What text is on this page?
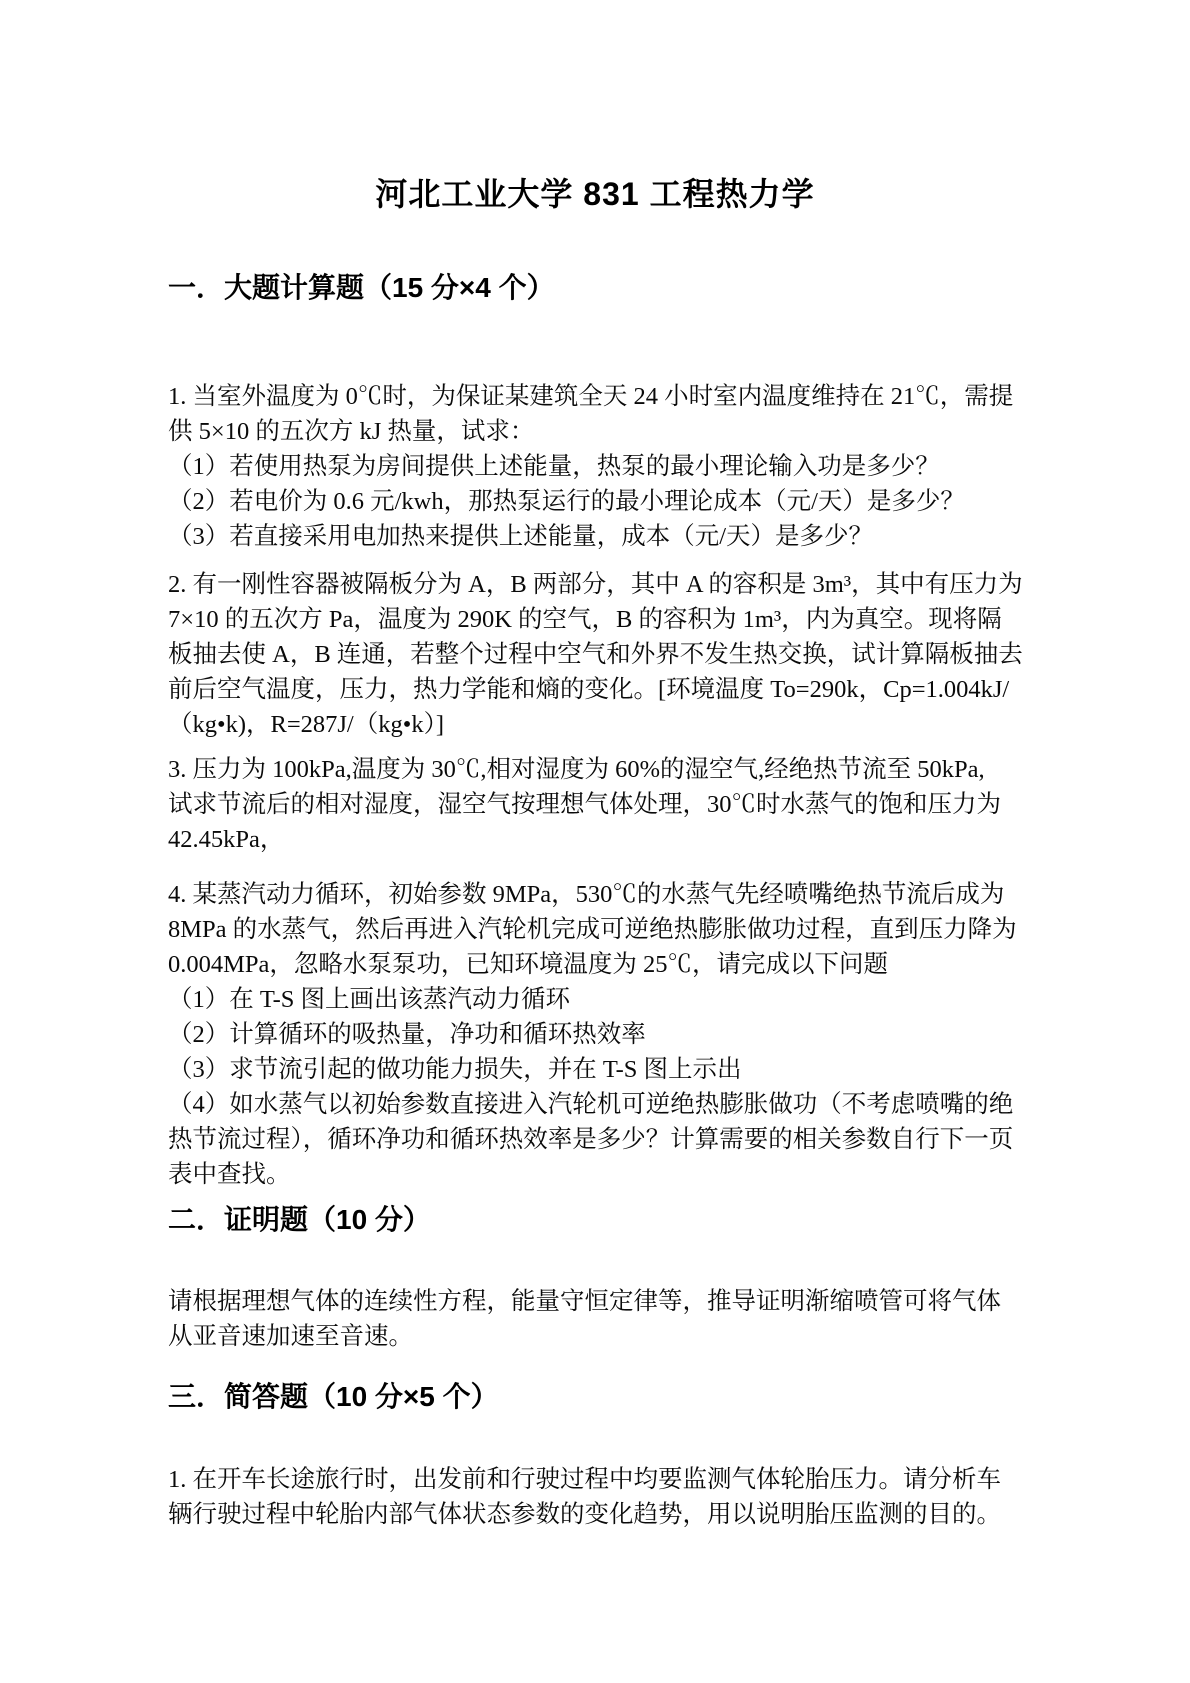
河北工业大学 831 工程热力学
一．大题计算题（15 分×4 个）
1. 当室外温度为 0℃时，为保证某建筑全天 24 小时室内温度维持在 21℃，需提
供 5×10 的五次方 kJ 热量，试求：
（1）若使用热泵为房间提供上述能量，热泵的最小理论输入功是多少？
（2）若电价为 0.6 元/kwh，那热泵运行的最小理论成本（元/天）是多少？
（3）若直接采用电加热来提供上述能量，成本（元/天）是多少？
2. 有一刚性容器被隔板分为 A，B 两部分，其中 A 的容积是 3m³，其中有压力为
7×10 的五次方 Pa，温度为 290K 的空气，B 的容积为 1m³，内为真空。现将隔
板抽去使 A，B 连通，若整个过程中空气和外界不发生热交换，试计算隔板抽去
前后空气温度，压力，热力学能和熵的变化。[环境温度 To=290k，Cp=1.004kJ/
（kg•k)，R=287J/（kg•k）]
3. 压力为 100kPa,温度为 30℃,相对湿度为 60%的湿空气,经绝热节流至 50kPa,
试求节流后的相对湿度，湿空气按理想气体处理，30℃时水蒸气的饱和压力为
42.45kPa，
4. 某蒸汽动力循环，初始参数 9MPa，530℃的水蒸气先经喷嘴绝热节流后成为
8MPa 的水蒸气，然后再进入汽轮机完成可逆绝热膨胀做功过程，直到压力降为
0.004MPa，忽略水泵泵功，已知环境温度为 25℃，请完成以下问题
（1）在 T-S 图上画出该蒸汽动力循环
（2）计算循环的吸热量，净功和循环热效率
（3）求节流引起的做功能力损失，并在 T-S 图上示出
（4）如水蒸气以初始参数直接进入汽轮机可逆绝热膨胀做功（不考虑喷嘴的绝
热节流过程），循环净功和循环热效率是多少？计算需要的相关参数自行下一页
表中查找。
二．证明题（10 分）
请根据理想气体的连续性方程，能量守恒定律等，推导证明渐缩喷管可将气体
从亚音速加速至音速。
三．简答题（10 分×5 个）
1. 在开车长途旅行时，出发前和行驶过程中均要监测气体轮胎压力。请分析车
辆行驶过程中轮胎内部气体状态参数的变化趋势，用以说明胎压监测的目的。
